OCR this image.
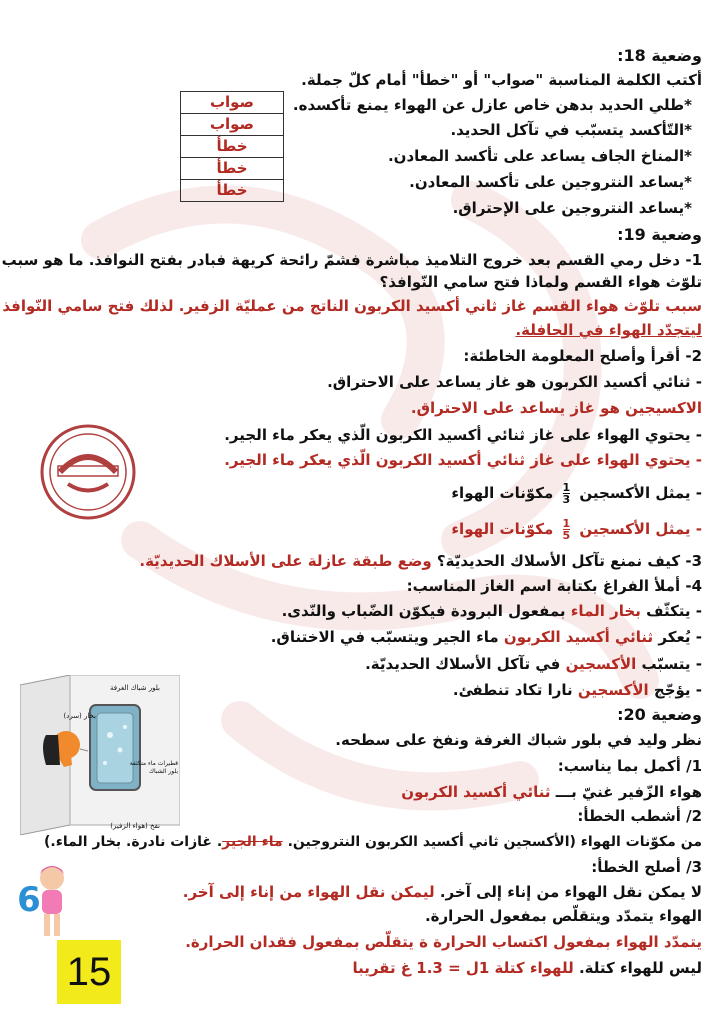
وضعية 18:
أكتب الكلمة المناسبة "صواب" أو "خطأ" أمام كلّ جملة.
*طلي الحديد بدهن خاص عازل عن الهواء يمنع تأكسده.
*التّأكسد يتسبّب في تآكل الحديد.
*المناخ الجاف يساعد على تأكسد المعادن.
*يساعد النتروجين على تأكسد المعادن.
*يساعد النتروجين على الإحتراق.
صواب
صواب
خطأ
خطأ
خطأ
وضعية 19:
1- دخل رمي القسم بعد خروج التلاميذ مباشرة فشمّ رائحة كريهة فبادر بفتح النوافذ. ما هو سبب
تلوّث هواء القسم ولماذا فتح سامي النّوافذ؟
سبب تلوّث هواء القسم غاز ثاني أكسيد الكربون الناتج من عمليّة الزفير. لذلك فتح سامي النّوافذ
ليتجدّد الهواء في الحافلة.
2- أقرأ وأصلح المعلومة الخاطئة:
- ثنائي أكسيد الكربون هو غاز يساعد على الاحتراق.
الاكسيجين هو غاز يساعد على الاحتراق.
- يحتوي الهواء على غاز ثنائي أكسيد الكربون الّذي يعكر ماء الجير.
- يحتوي الهواء على غاز ثنائي أكسيد الكربون الّذي يعكر ماء الجير.
- يمثل الأكسجين
$\frac{1}{3}$
مكوّنات الهواء
- يمثل الأكسجين
$\frac{1}{5}$
مكوّنات الهواء
3- كيف نمنع تآكل الأسلاك الحديديّة؟ وضع طبقة عازلة على الأسلاك الحديديّة.
4- أملأ الفراغ بكتابة اسم الغاز المناسب:
- يتكثّف بخار الماء بمفعول البرودة فيكوّن الضّباب والنّدى.
- يُعكر ثنائي أكسيد الكربون ماء الجير ويتسبّب في الاختناق.
- يتسبّب الأكسجين في تآكل الأسلاك الحديديّة.
- يؤجّج الأكسجين نارا تكاد تنطفئ.
وضعية 20:
نظر وليد في بلور شباك الغرفة ونفخ على سطحه.
1/ أكمل بما يناسب:
هواء الزّفير غنيّ بـــ ثنائي أكسيد الكربون
2/ أشطب الخطأ:
من مكوّنات الهواء (الأكسجين ثاني أكسيد الكربون النتروجين. ماء الجير. غازات نادرة. بخار الماء.)
3/ أصلح الخطأ:
لا يمكن نقل الهواء من إناء إلى آخر. ليمكن نقل الهواء من إناء إلى آخر.
الهواء يتمدّد ويتقلّص بمفعول الحرارة.
يتمدّد الهواء بمفعول اكتساب الحرارة ة يتقلّص بمفعول فقدان الحرارة.
ليس للهواء كتلة. للهواء كتلة 1ل = 1.3 غ تقريبا
بلور شباك الغرفة
بخار (سرد)
قطيرات ماء متكثفة بلور الشباك
نفخ (هواء الزفير)
6
15
